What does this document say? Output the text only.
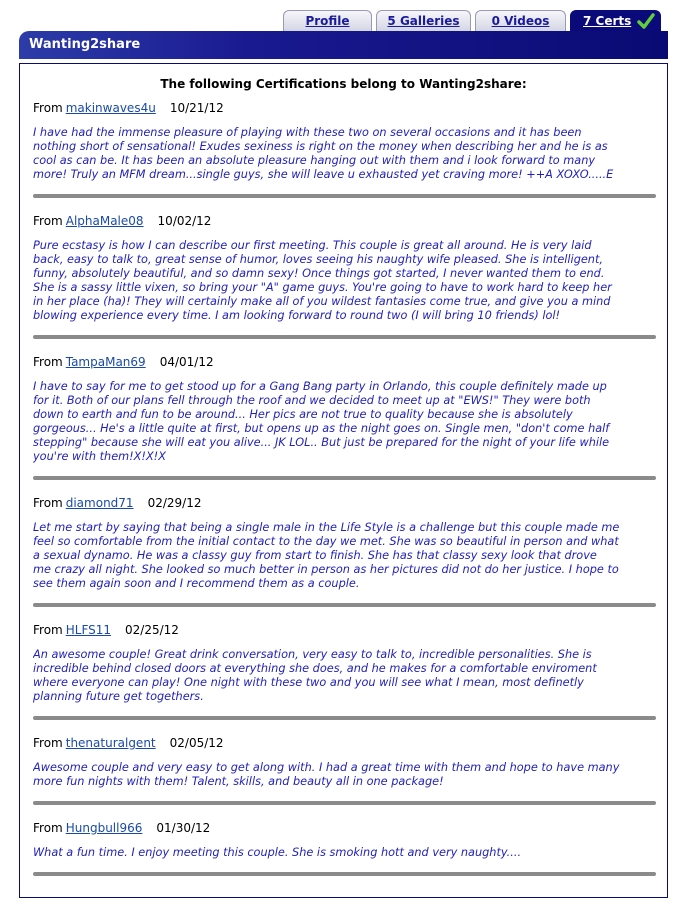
Profile	5 Galleries	0 Videos	7 Certs
Wanting2share
The following Certifications belong to Wanting2share:
From makinwaves4u 10/21/12
I have had the immense pleasure of playing with these two on several occasions and it has been
nothing short of sensational! Exudes sexiness is right on the money when describing her and he is as
cool as can be. It has been an absolute pleasure hanging out with them and i look forward to many
more! Truly an MFM dream...single guys, she will leave u exhausted yet craving more! ++A XOXO.....E
From AlphaMale08 10/02/12
Pure ecstasy is how I can describe our first meeting. This couple is great all around. He is very laid
back, easy to talk to, great sense of humor, loves seeing his naughty wife pleased. She is intelligent,
funny, absolutely beautiful, and so damn sexy! Once things got started, I never wanted them to end.
She is a sassy little vixen, so bring your "A" game guys. You're going to have to work hard to keep her
in her place (ha)! They will certainly make all of you wildest fantasies come true, and give you a mind
blowing experience every time. I am looking forward to round two (I will bring 10 friends) lol!
From TampaMan69 04/01/12
I have to say for me to get stood up for a Gang Bang party in Orlando, this couple definitely made up
for it. Both of our plans fell through the roof and we decided to meet up at "EWS!" They were both
down to earth and fun to be around... Her pics are not true to quality because she is absolutely
gorgeous... He's a little quite at first, but opens up as the night goes on. Single men, "don't come half
stepping" because she will eat you alive... JK LOL.. But just be prepared for the night of your life while
you're with them!X!X!X
From diamond71 02/29/12
Let me start by saying that being a single male in the Life Style is a challenge but this couple made me
feel so comfortable from the initial contact to the day we met. She was so beautiful in person and what
a sexual dynamo. He was a classy guy from start to finish. She has that classy sexy look that drove
me crazy all night. She looked so much better in person as her pictures did not do her justice. I hope to
see them again soon and I recommend them as a couple.
From HLFS11 02/25/12
An awesome couple! Great drink conversation, very easy to talk to, incredible personalities. She is
incredible behind closed doors at everything she does, and he makes for a comfortable enviroment
where everyone can play! One night with these two and you will see what I mean, most definetly
planning future get togethers.
From thenaturalgent 02/05/12
Awesome couple and very easy to get along with. I had a great time with them and hope to have many
more fun nights with them! Talent, skills, and beauty all in one package!
From Hungbull966 01/30/12
What a fun time. I enjoy meeting this couple. She is smoking hott and very naughty....
